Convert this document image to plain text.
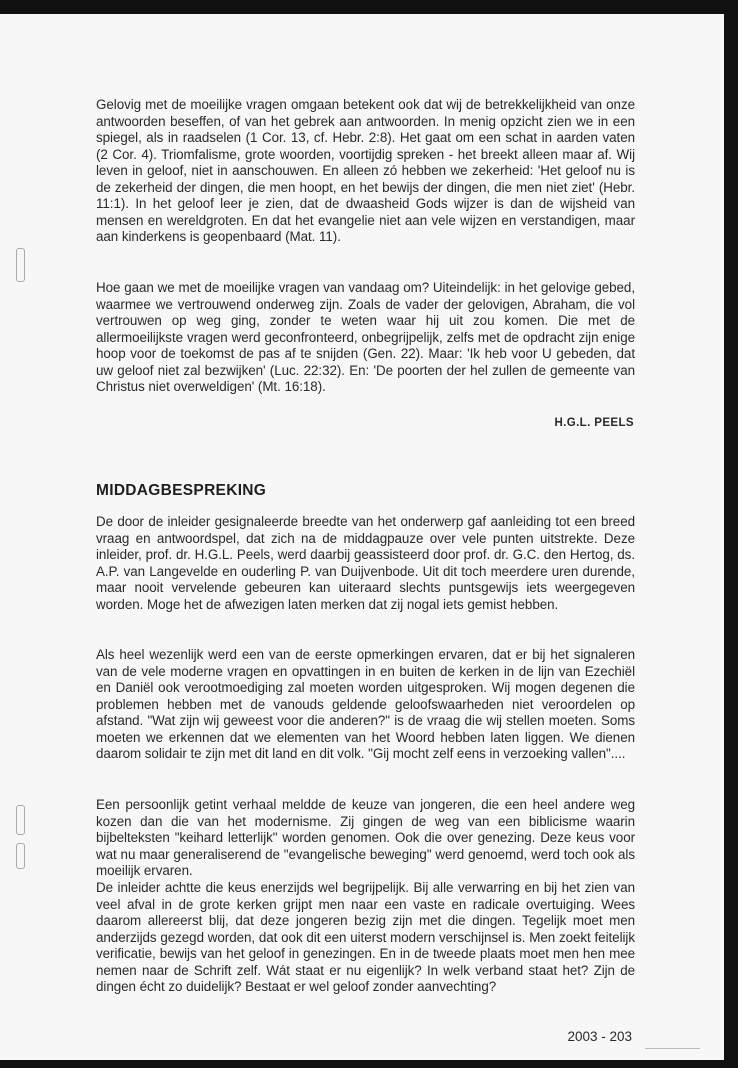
Gelovig met de moeilijke vragen omgaan betekent ook dat wij de betrekkelijkheid van onze antwoorden beseffen, of van het gebrek aan antwoorden. In menig opzicht zien we in een spiegel, als in raadselen (1 Cor. 13, cf. Hebr. 2:8). Het gaat om een schat in aarden vaten (2 Cor. 4). Triomfalisme, grote woorden, voortijdig spreken - het breekt alleen maar af. Wij leven in geloof, niet in aanschouwen. En alleen zó hebben we zekerheid: 'Het geloof nu is de zekerheid der dingen, die men hoopt, en het bewijs der dingen, die men niet ziet' (Hebr. 11:1). In het geloof leer je zien, dat de dwaasheid Gods wijzer is dan de wijsheid van mensen en wereldgroten. En dat het evangelie niet aan vele wijzen en verstandigen, maar aan kinderkens is geopenbaard (Mat. 11).

Hoe gaan we met de moeilijke vragen van vandaag om? Uiteindelijk: in het gelovige gebed, waarmee we vertrouwend onderweg zijn. Zoals de vader der gelovigen, Abraham, die vol vertrouwen op weg ging, zonder te weten waar hij uit zou komen. Die met de allermoeilijkste vragen werd geconfronteerd, onbegrijpelijk, zelfs met de opdracht zijn enige hoop voor de toekomst de pas af te snijden (Gen. 22). Maar: 'Ik heb voor U gebeden, dat uw geloof niet zal bezwijken' (Luc. 22:32). En: 'De poorten der hel zullen de gemeente van Christus niet overweldigen' (Mt. 16:18).

H.G.L. PEELS

MIDDAGBESPREKING

De door de inleider gesignaleerde breedte van het onderwerp gaf aanleiding tot een breed vraag en antwoordspel, dat zich na de middagpauze over vele punten uitstrekte. Deze inleider, prof. dr. H.G.L. Peels, werd daarbij geassisteerd door prof. dr. G.C. den Hertog, ds. A.P. van Langevelde en ouderling P. van Duijvenbode. Uit dit toch meerdere uren durende, maar nooit vervelende gebeuren kan uiteraard slechts puntsgewijs iets weergegeven worden. Moge het de afwezigen laten merken dat zij nogal iets gemist hebben.

Als heel wezenlijk werd een van de eerste opmerkingen ervaren, dat er bij het signaleren van de vele moderne vragen en opvattingen in en buiten de kerken in de lijn van Ezechiël en Daniël ook verootmoediging zal moeten worden uitgesproken. Wij mogen degenen die problemen hebben met de vanouds geldende geloofswaarheden niet veroordelen op afstand. "Wat zijn wij geweest voor die anderen?" is de vraag die wij stellen moeten. Soms moeten we erkennen dat we elementen van het Woord hebben laten liggen. We dienen daarom solidair te zijn met dit land en dit volk. "Gij mocht zelf eens in verzoeking vallen"....

Een persoonlijk getint verhaal meldde de keuze van jongeren, die een heel andere weg kozen dan die van het modernisme. Zij gingen de weg van een biblicisme waarin bijbelteksten "keihard letterlijk" worden genomen. Ook die over genezing. Deze keus voor wat nu maar generaliserend de "evangelische beweging" werd genoemd, werd toch ook als moeilijk ervaren.

De inleider achtte die keus enerzijds wel begrijpelijk. Bij alle verwarring en bij het zien van veel afval in de grote kerken grijpt men naar een vaste en radicale overtuiging. Wees daarom allereerst blij, dat deze jongeren bezig zijn met die dingen. Tegelijk moet men anderzijds gezegd worden, dat ook dit een uiterst modern verschijnsel is. Men zoekt feitelijk verificatie, bewijs van het geloof in genezingen. En in de tweede plaats moet men hen mee nemen naar de Schrift zelf. Wát staat er nu eigenlijk? In welk verband staat het? Zijn de dingen écht zo duidelijk? Bestaat er wel geloof zonder aanvechting?

2003 - 203
